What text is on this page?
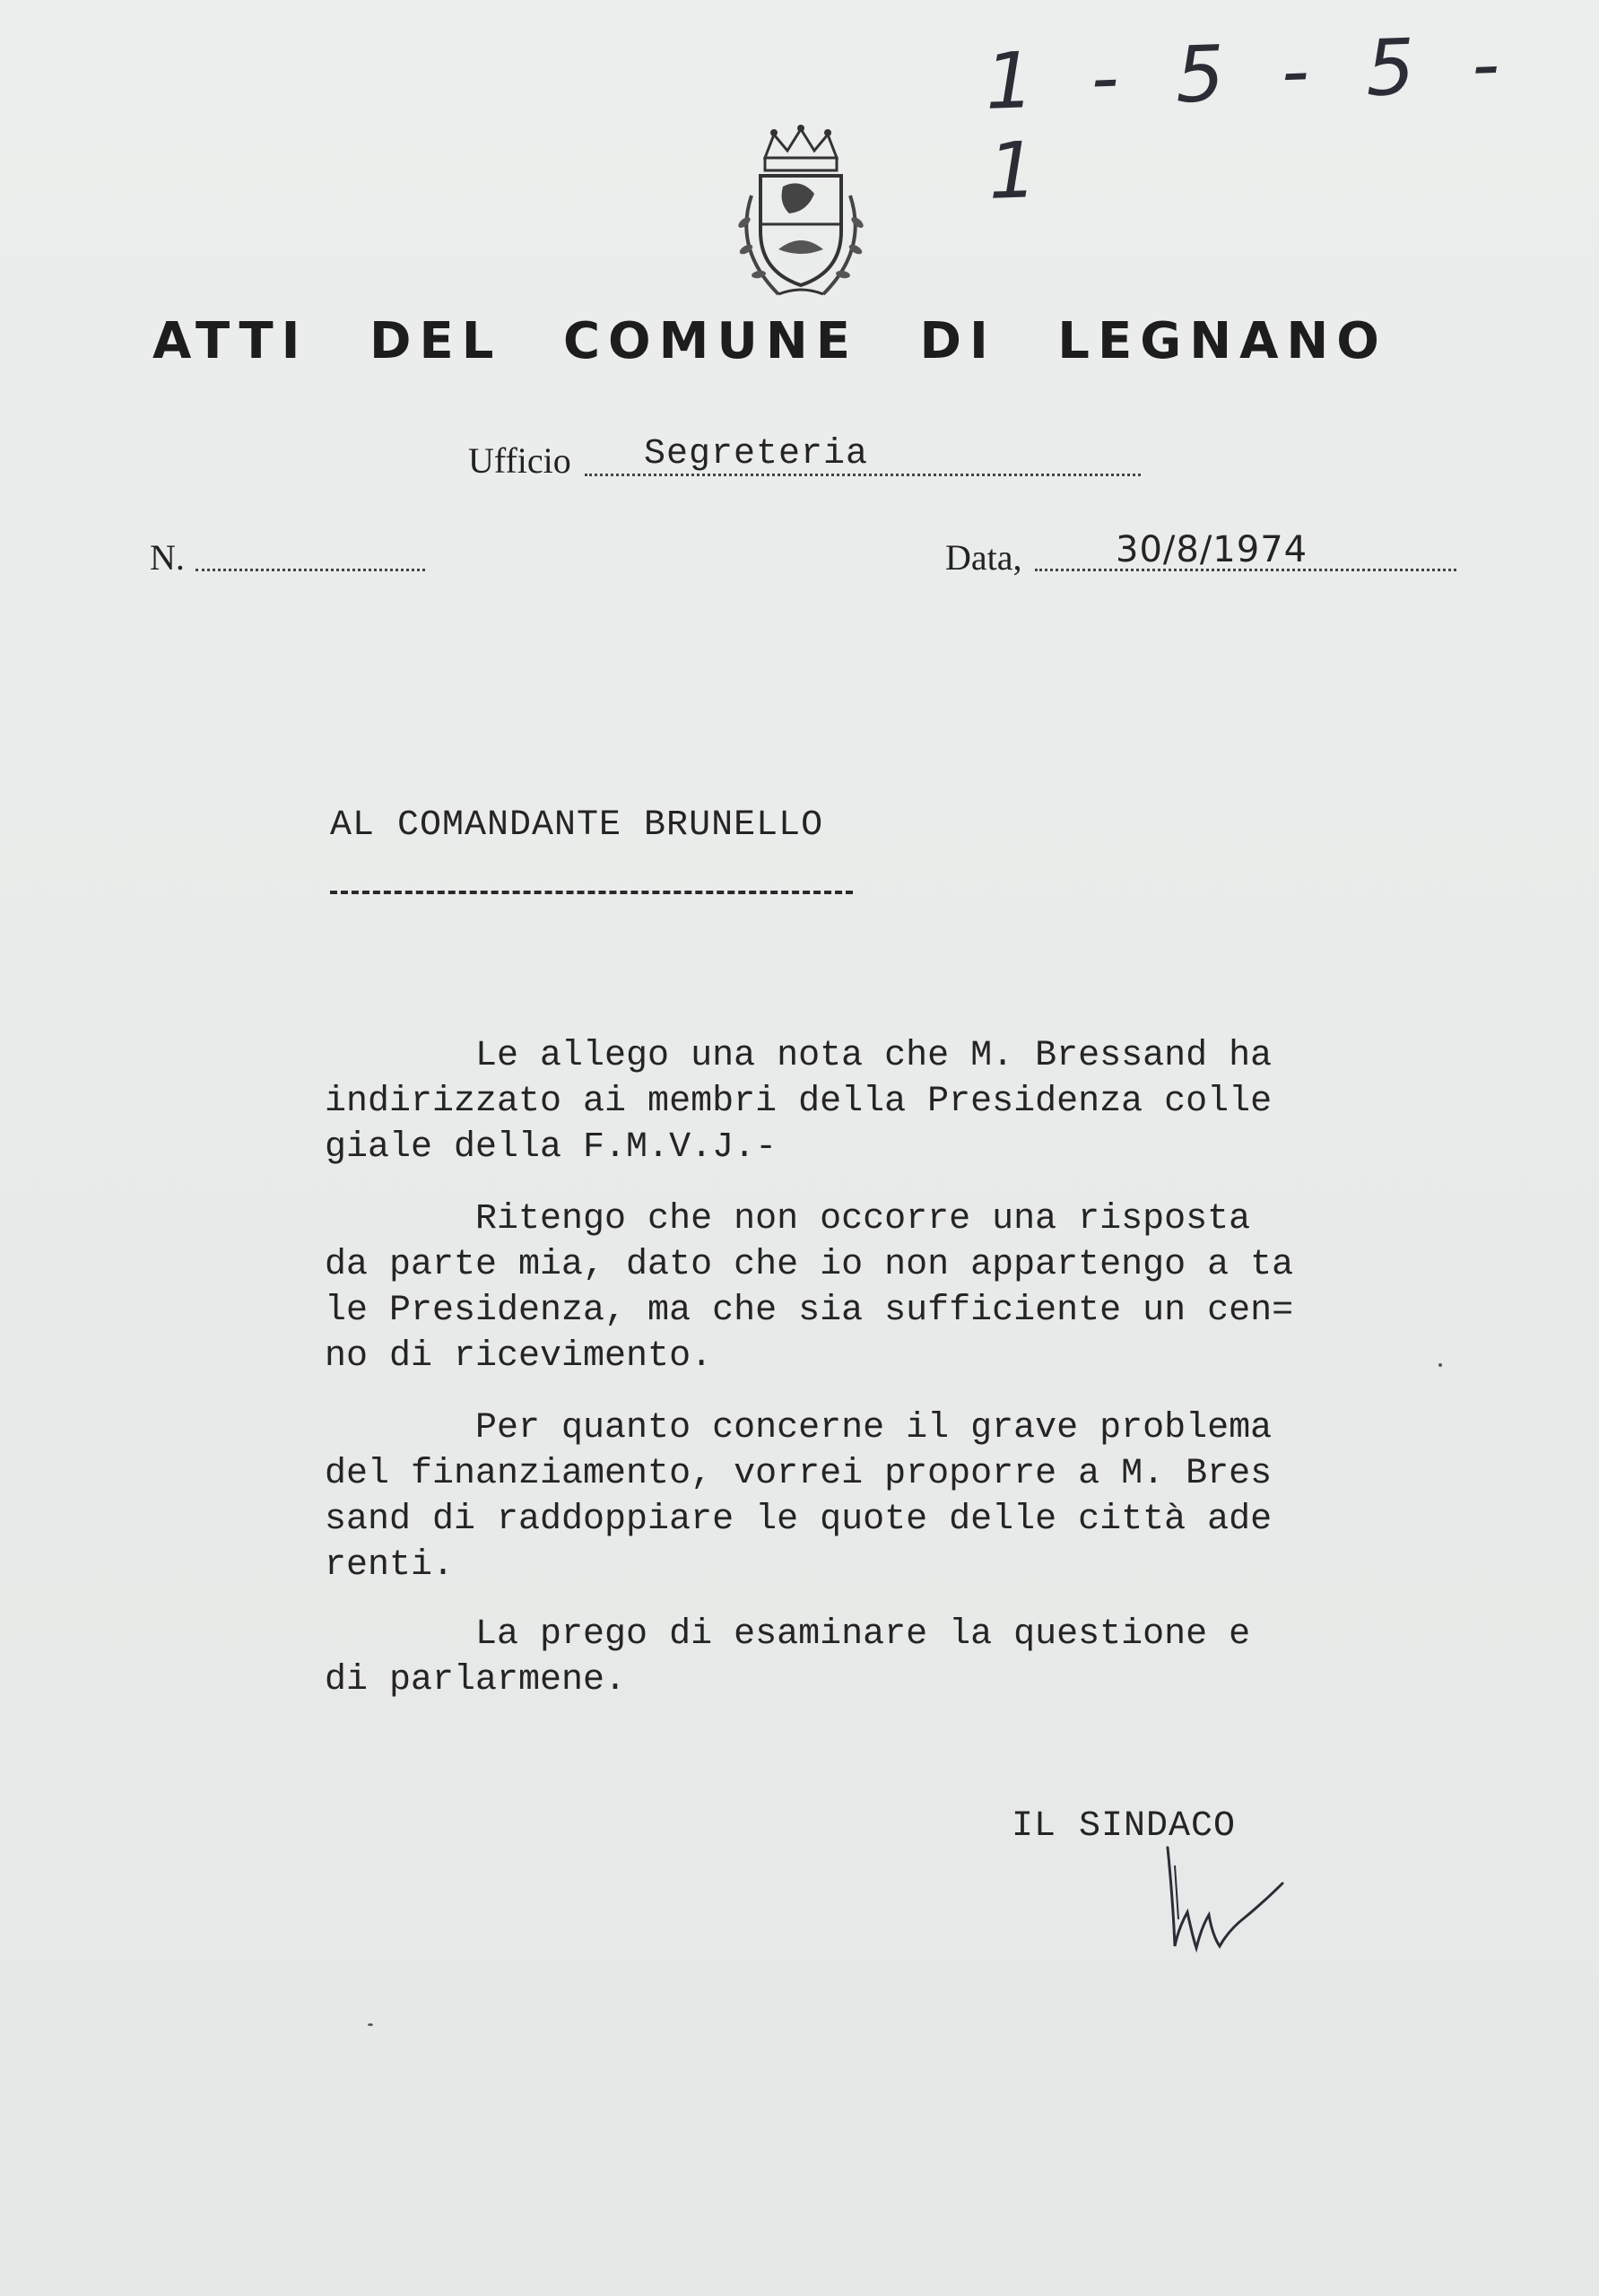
1 - 5 - 5 - 1
ATTI DEL COMUNE DI LEGNANO
Ufficio Segreteria
N.	Data,	30/8/1974
AL COMANDANTE BRUNELLO
Le allego una nota che M. Bressand ha
indirizzato ai membri della Presidenza colle
giale della F.M.V.J.-
Ritengo che non occorre una risposta
da parte mia, dato che io non appartengo a ta
le Presidenza, ma che sia sufficiente un cen=
no di ricevimento.
Per quanto concerne il grave problema
del finanziamento, vorrei proporre a M. Bres
sand di raddoppiare le quote delle città ade
renti.
La prego di esaminare la questione e
di parlarmene.
IL SINDACO
